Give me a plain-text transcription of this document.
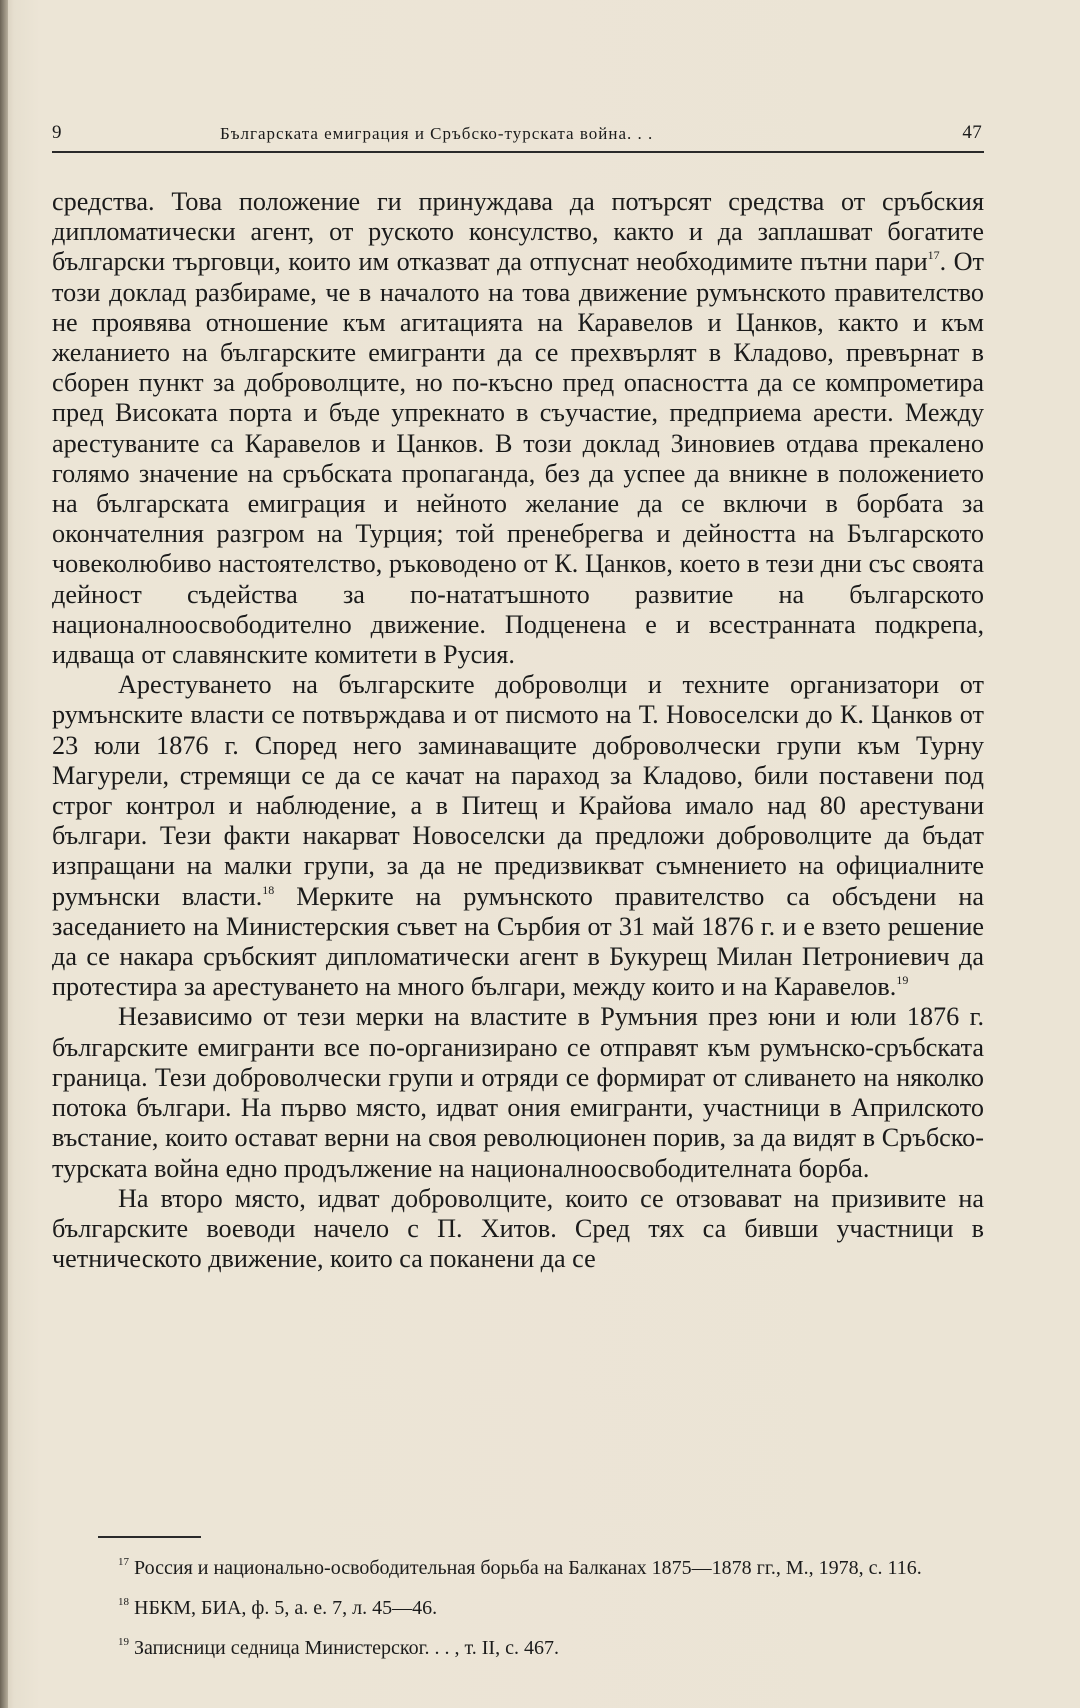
9	Българската емиграция и Сръбско-турската война. . .	47

средства. Това положение ги принуждава да потърсят средства от сръбския дипломатически агент, от руското консулство, както и да заплашват богатите български търговци, които им отказват да отпуснат необходимите пътни пари$^{17}$. От този доклад разбираме, че в началото на това движение румънското правителство не проявява отношение към агитацията на Каравелов и Цанков, както и към желанието на българските емигранти да се прехвърлят в Кладово, превърнат в сборен пункт за доброволците, но по-късно пред опасността да се компрометира пред Високата порта и бъде упрекнато в съучастие, предприема арести. Между арестуваните са Каравелов и Цанков. В този доклад Зиновиев отдава прекалено голямо значение на сръбската пропаганда, без да успее да вникне в положението на българската емиграция и нейното желание да се включи в борбата за окончателния разгром на Турция; той пренебрегва и дейността на Българското човеколюбиво настоятелство, ръководено от К. Цанков, което в тези дни със своята дейност съдейства за по-нататъшното развитие на българското националноосвободително движение. Подценена е и всестранната подкрепа, идваща от славянските комитети в Русия.

Арестуването на българските доброволци и техните организатори от румънските власти се потвърждава и от писмото на Т. Новоселски до К. Цанков от 23 юли 1876 г. Според него заминаващите доброволчески групи към Турну Магурели, стремящи се да се качат на параход за Кладово, били поставени под строг контрол и наблюдение, а в Питещ и Крайова имало над 80 арестувани българи. Тези факти накарват Новоселски да предложи доброволците да бъдат изпращани на малки групи, за да не предизвикват съмнението на официалните румънски власти.$^{18}$ Мерките на румънското правителство са обсъдени на заседанието на Министерския съвет на Сърбия от 31 май 1876 г. и е взето решение да се накара сръбският дипломатически агент в Букурещ Милан Петрониевич да протестира за арестуването на много българи, между които и на Каравелов.$^{19}$

Независимо от тези мерки на властите в Румъния през юни и юли 1876 г. българските емигранти все по-организирано се отправят към румънско-сръбската граница. Тези доброволчески групи и отряди се формират от сливането на няколко потока българи. На първо място, идват ония емигранти, участници в Априлското въстание, които остават верни на своя революционен порив, за да видят в Сръбско-турската война едно продължение на националноосвободителната борба.

На второ място, идват доброволците, които се отзовават на призивите на българските воеводи начело с П. Хитов. Сред тях са бивши участници в четническото движение, които са поканени да се

$^{17}$ Россия и национально-освободительная борьба на Балканах 1875—1878 гг., М., 1978, с. 116.

$^{18}$ НБКМ, БИА, ф. 5, а. е. 7, л. 45—46.

$^{19}$ Записници седница Министерског. . . , т. II, с. 467.
